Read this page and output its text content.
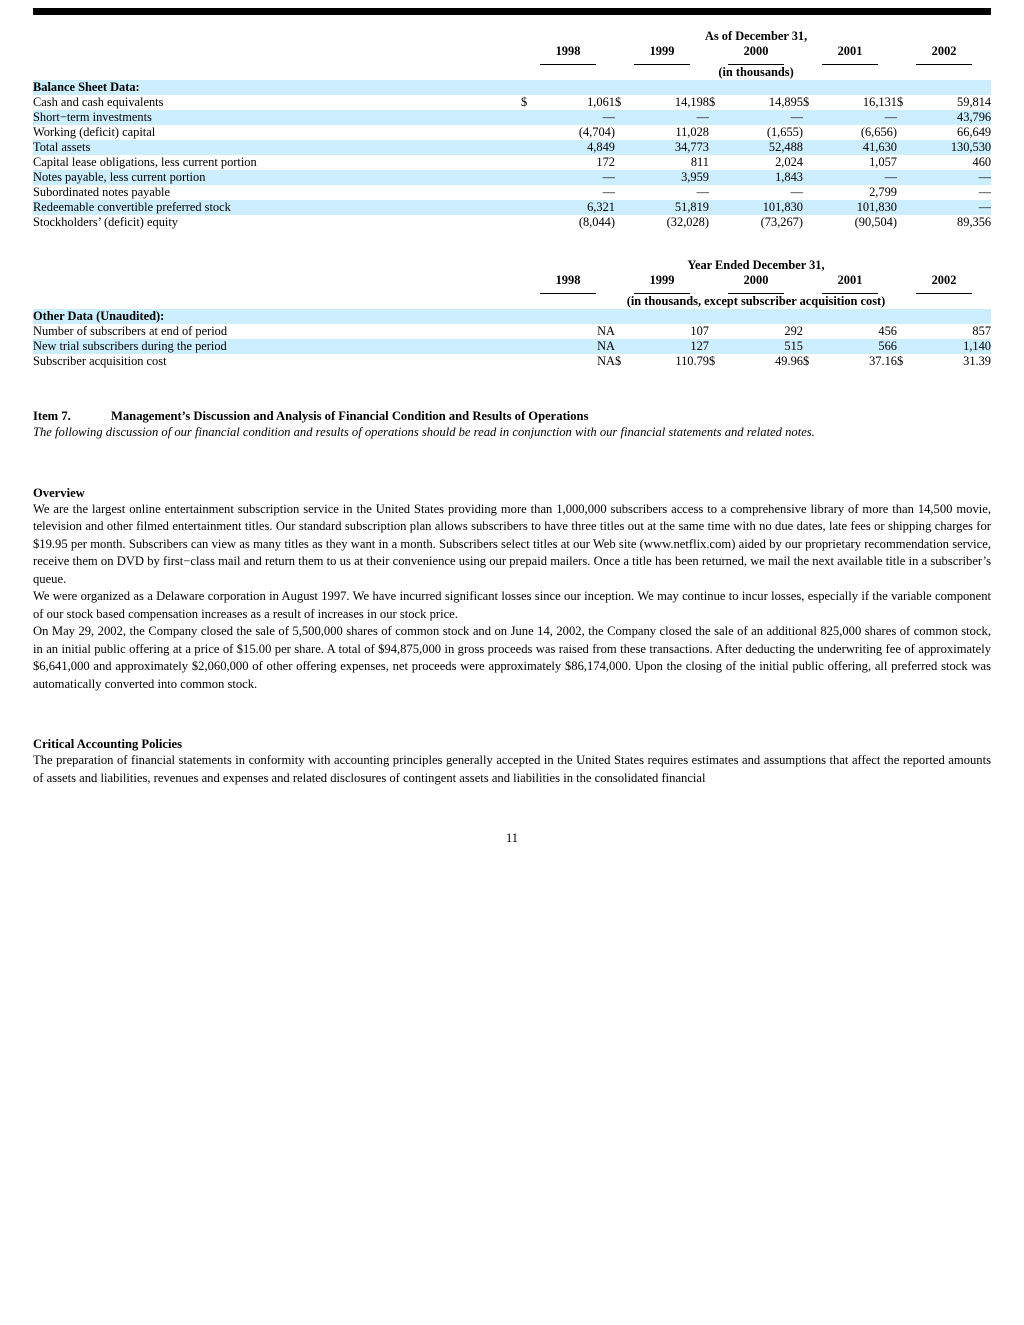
	As of December 31,									
	1998		1999		2000		2001		2002	
	(in thousands)									
Balance Sheet Data:										
Cash and cash equivalents	$	1,061	$	14,198	$	14,895	$	16,131	$	59,814
Short−term investments		—		—		—		—		43,796
Working (deficit) capital		(4,704)		11,028		(1,655)		(6,656)		66,649
Total assets		4,849		34,773		52,488		41,630		130,530
Capital lease obligations, less current portion		172		811		2,024		1,057		460
Notes payable, less current portion		—		3,959		1,843		—		—
Subordinated notes payable		—		—		—		2,799		—
Redeemable convertible preferred stock		6,321		51,819		101,830		101,830		—
Stockholders’ (deficit) equity		(8,044)		(32,028)		(73,267)		(90,504)		89,356
	Year Ended December 31,									
	1998		1999		2000		2001		2002	
	(in thousands, except subscriber acquisition cost)									
Other Data (Unaudited):										
Number of subscribers at end of period		NA		107		292		456		857
New trial subscribers during the period		NA		127		515		566		1,140
Subscriber acquisition cost		NA	$	110.79	$	49.96	$	37.16	$	31.39
Item 7.	Management’s Discussion and Analysis of Financial Condition and Results of Operations

The following discussion of our financial condition and results of operations should be read in conjunction with our financial statements and related notes.

Overview

We are the largest online entertainment subscription service in the United States providing more than 1,000,000 subscribers access to a comprehensive library of more than 14,500 movie, television and other filmed entertainment titles. Our standard subscription plan allows subscribers to have three titles out at the same time with no due dates, late fees or shipping charges for $19.95 per month. Subscribers can view as many titles as they want in a month. Subscribers select titles at our Web site (www.netflix.com) aided by our proprietary recommendation service, receive them on DVD by first−class mail and return them to us at their convenience using our prepaid mailers. Once a title has been returned, we mail the next available title in a subscriber’s queue.

We were organized as a Delaware corporation in August 1997. We have incurred significant losses since our inception. We may continue to incur losses, especially if the variable component of our stock based compensation increases as a result of increases in our stock price.

On May 29, 2002, the Company closed the sale of 5,500,000 shares of common stock and on June 14, 2002, the Company closed the sale of an additional 825,000 shares of common stock, in an initial public offering at a price of $15.00 per share. A total of $94,875,000 in gross proceeds was raised from these transactions. After deducting the underwriting fee of approximately $6,641,000 and approximately $2,060,000 of other offering expenses, net proceeds were approximately $86,174,000. Upon the closing of the initial public offering, all preferred stock was automatically converted into common stock.

Critical Accounting Policies

The preparation of financial statements in conformity with accounting principles generally accepted in the United States requires estimates and assumptions that affect the reported amounts of assets and liabilities, revenues and expenses and related disclosures of contingent assets and liabilities in the consolidated financial

11
